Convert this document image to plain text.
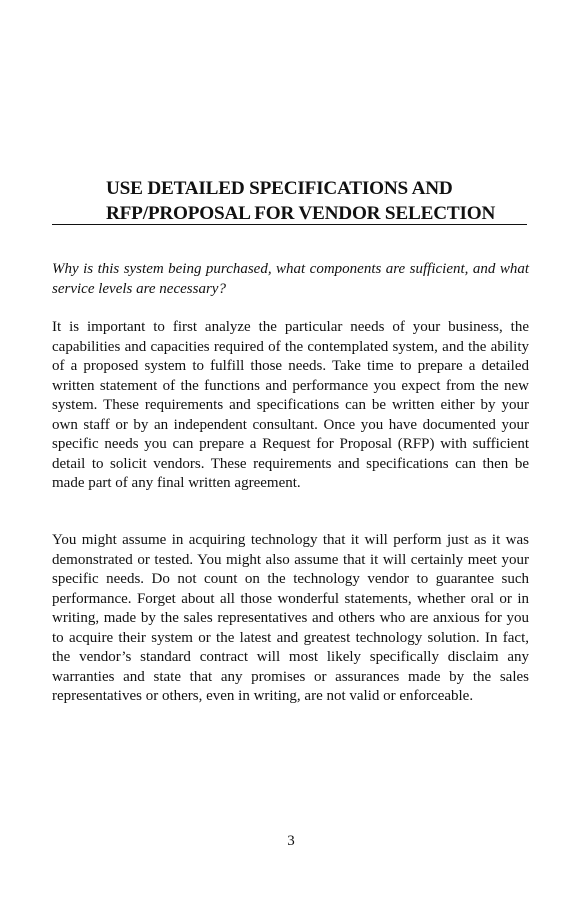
USE DETAILED SPECIFICATIONS AND
RFP/PROPOSAL FOR VENDOR SELECTION

Why is this system being purchased, what components are sufficient, and what service levels are necessary?

It is important to first analyze the particular needs of your business, the capabilities and capacities required of the contemplated system, and the ability of a proposed system to fulfill those needs. Take time to prepare a detailed written statement of the functions and performance you expect from the new system. These requirements and specifications can be written either by your own staff or by an independent consultant. Once you have documented your specific needs you can prepare a Request for Proposal (RFP) with sufficient detail to solicit vendors. These requirements and specifications can then be made part of any final written agreement.

You might assume in acquiring technology that it will perform just as it was demonstrated or tested. You might also assume that it will certainly meet your specific needs. Do not count on the technology vendor to guarantee such performance. Forget about all those wonderful statements, whether oral or in writing, made by the sales representatives and others who are anxious for you to acquire their system or the latest and greatest technology solution. In fact, the vendor’s standard contract will most likely specifically disclaim any warranties and state that any promises or assurances made by the sales representatives or others, even in writing, are not valid or enforceable.

3
